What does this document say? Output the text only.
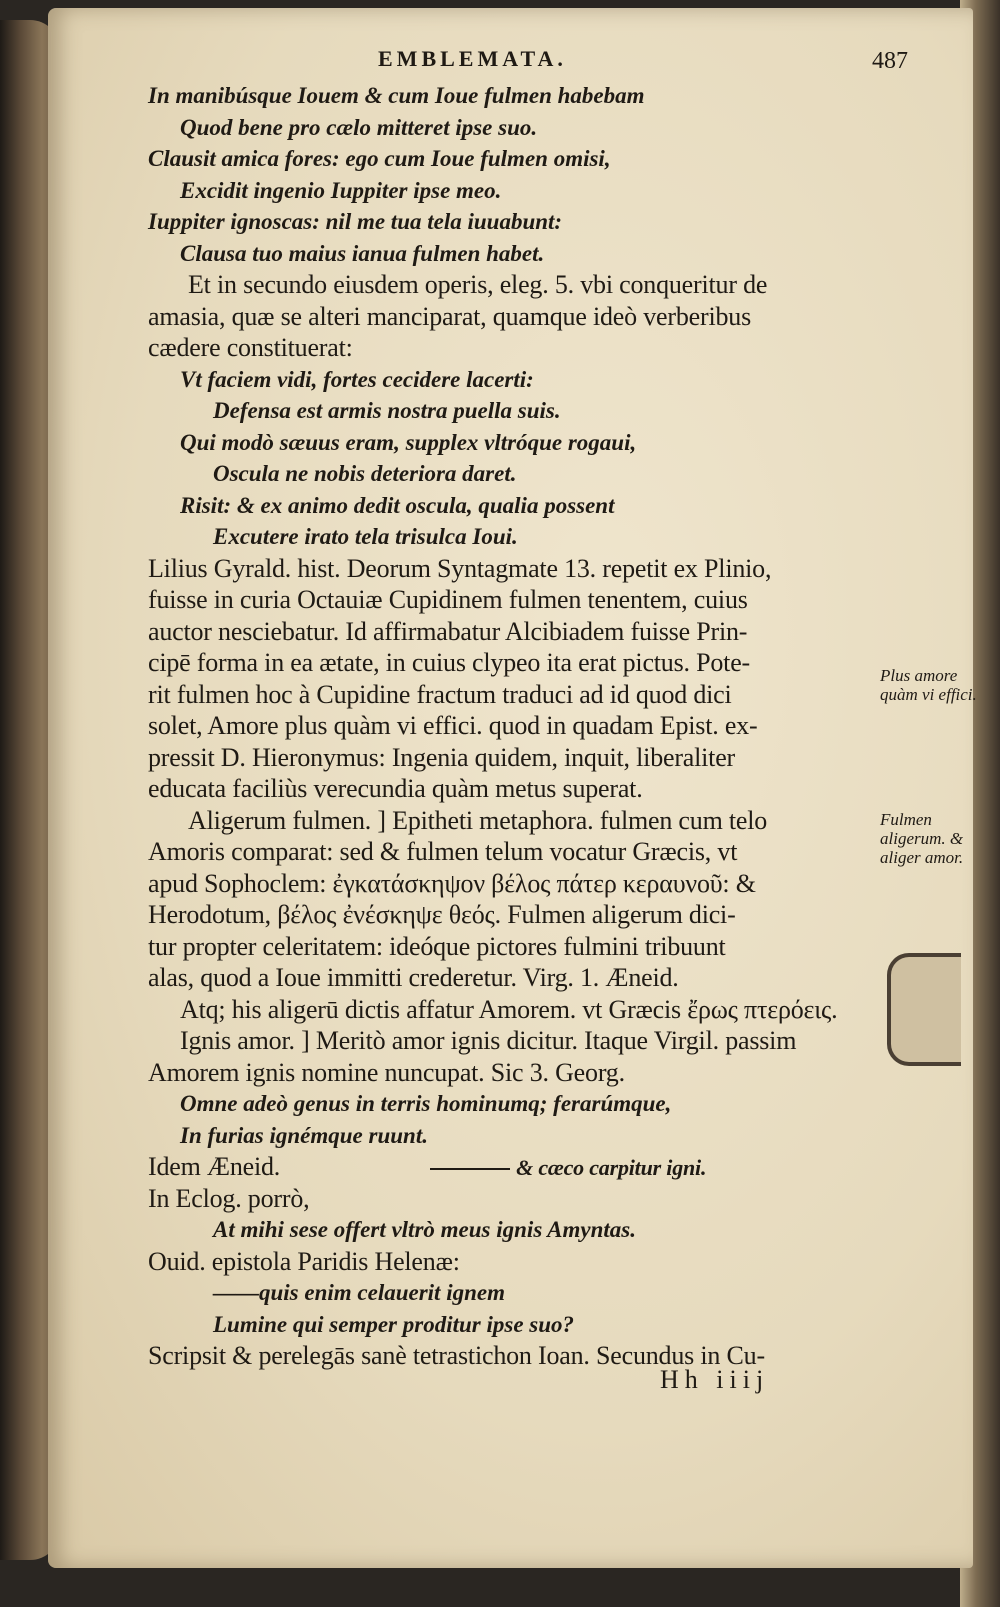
EMBLEMATA.	487
In manibúsque Iouem & cum Ioue fulmen habebam
Quod bene pro cælo mitteret ipse suo.
Clausit amica fores: ego cum Ioue fulmen omisi,
Excidit ingenio Iuppiter ipse meo.
Iuppiter ignoscas: nil me tua tela iuuabunt:
Clausa tuo maius ianua fulmen habet.
Et in secundo eiusdem operis, eleg. 5. vbi conqueritur de
amasia, quæ se alteri manciparat, quamque ideò verberibus
cædere constituerat:
Vt faciem vidi, fortes cecidere lacerti:
Defensa est armis nostra puella suis.
Qui modò sæuus eram, supplex vltróque rogaui,
Oscula ne nobis deteriora daret.
Risit: & ex animo dedit oscula, qualia possent
Excutere irato tela trisulca Ioui.
Lilius Gyrald. hist. Deorum Syntagmate 13. repetit ex Plinio,
fuisse in curia Octauiæ Cupidinem fulmen tenentem, cuius
auctor nesciebatur. Id affirmabatur Alcibiadem fuisse Prin-
cipē forma in ea ætate, in cuius clypeo ita erat pictus. Pote-
rit fulmen hoc à Cupidine fractum traduci ad id quod dici
solet, Amore plus quàm vi effici. quod in quadam Epist. ex-
pressit D. Hieronymus: Ingenia quidem, inquit, liberaliter
educata faciliùs verecundia quàm metus superat.
Aligerum fulmen. ] Epitheti metaphora. fulmen cum telo
Amoris comparat: sed & fulmen telum vocatur Græcis, vt
apud Sophoclem: ἐγκατάσκηψον βέλος πάτερ κεραυνοῦ: &
Herodotum, βέλος ἐνέσκηψε θεός. Fulmen aligerum dici-
tur propter celeritatem: ideóque pictores fulmini tribuunt
alas, quod a Ioue immitti crederetur. Virg. 1. Æneid.
Atq; his aligerū dictis affatur Amorem. vt Græcis ἔρως πτερόεις.
Ignis amor. ] Meritò amor ignis dicitur. Itaque Virgil. passim
Amorem ignis nomine nuncupat. Sic 3. Georg.
Omne adeò genus in terris hominumq; ferarúmque,
In furias ignémque ruunt.
Idem Æneid.	& cæco carpitur igni.
In Eclog. porrò,
At mihi sese offert vltrò meus ignis Amyntas.
Ouid. epistola Paridis Helenæ:
——quis enim celauerit ignem
Lumine qui semper proditur ipse suo?
Scripsit & perelegās sanè tetrastichon Ioan. Secundus in Cu-
Plus amore quàm vi effici.
Fulmen aligerum. & aliger amor.
Hh iiij
